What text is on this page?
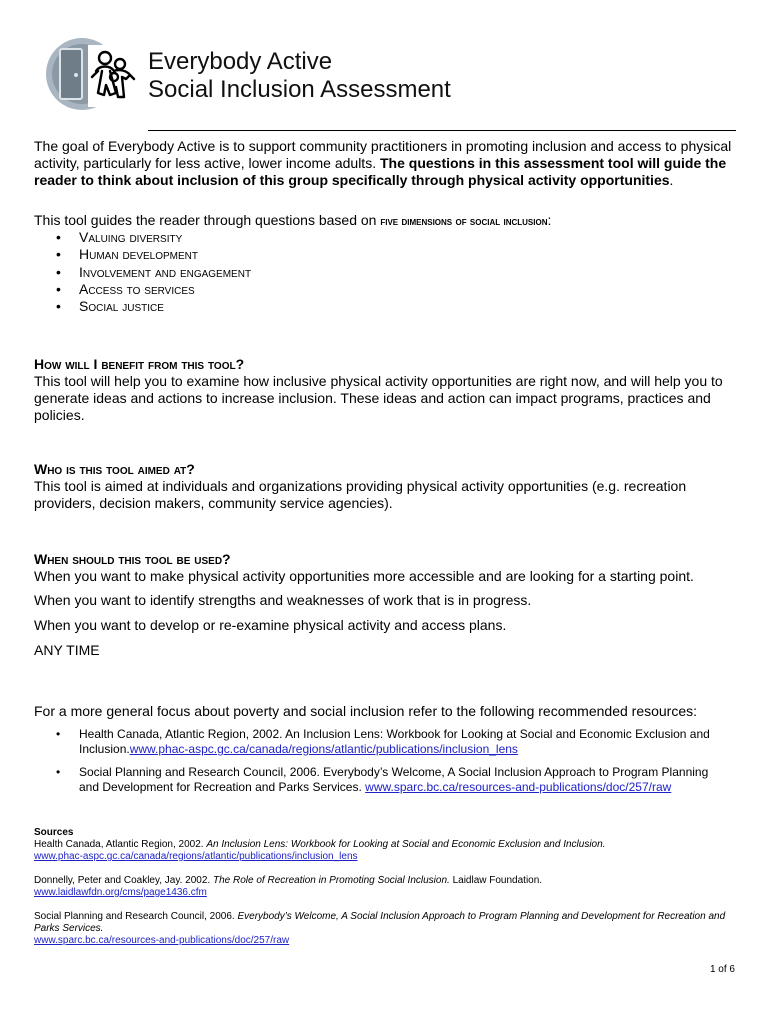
Everybody Active
Social Inclusion Assessment
The goal of Everybody Active is to support community practitioners in promoting inclusion and access to physical activity, particularly for less active, lower income adults. The questions in this assessment tool will guide the reader to think about inclusion of this group specifically through physical activity opportunities.
This tool guides the reader through questions based on five dimensions of social inclusion:
• Valuing diversity
• Human development
• Involvement and engagement
• Access to services
• Social justice
How will I benefit from this tool?
This tool will help you to examine how inclusive physical activity opportunities are right now, and will help you to generate ideas and actions to increase inclusion. These ideas and action can impact programs, practices and policies.
Who is this tool aimed at?
This tool is aimed at individuals and organizations providing physical activity opportunities (e.g. recreation providers, decision makers, community service agencies).
When should this tool be used?
When you want to make physical activity opportunities more accessible and are looking for a starting point.
When you want to identify strengths and weaknesses of work that is in progress.
When you want to develop or re-examine physical activity and access plans.
ANY TIME
For a more general focus about poverty and social inclusion refer to the following recommended resources:
• Health Canada, Atlantic Region, 2002. An Inclusion Lens: Workbook for Looking at Social and Economic Exclusion and Inclusion.www.phac-aspc.gc.ca/canada/regions/atlantic/publications/inclusion_lens
• Social Planning and Research Council, 2006. Everybody’s Welcome, A Social Inclusion Approach to Program Planning and Development for Recreation and Parks Services. www.sparc.bc.ca/resources-and-publications/doc/257/raw
Sources
Health Canada, Atlantic Region, 2002. An Inclusion Lens: Workbook for Looking at Social and Economic Exclusion and Inclusion.
www.phac-aspc.gc.ca/canada/regions/atlantic/publications/inclusion_lens
Donnelly, Peter and Coakley, Jay. 2002. The Role of Recreation in Promoting Social Inclusion. Laidlaw Foundation.
www.laidlawfdn.org/cms/page1436.cfm
Social Planning and Research Council, 2006. Everybody’s Welcome, A Social Inclusion Approach to Program Planning and Development for Recreation and Parks Services.
www.sparc.bc.ca/resources-and-publications/doc/257/raw
1 of 6
